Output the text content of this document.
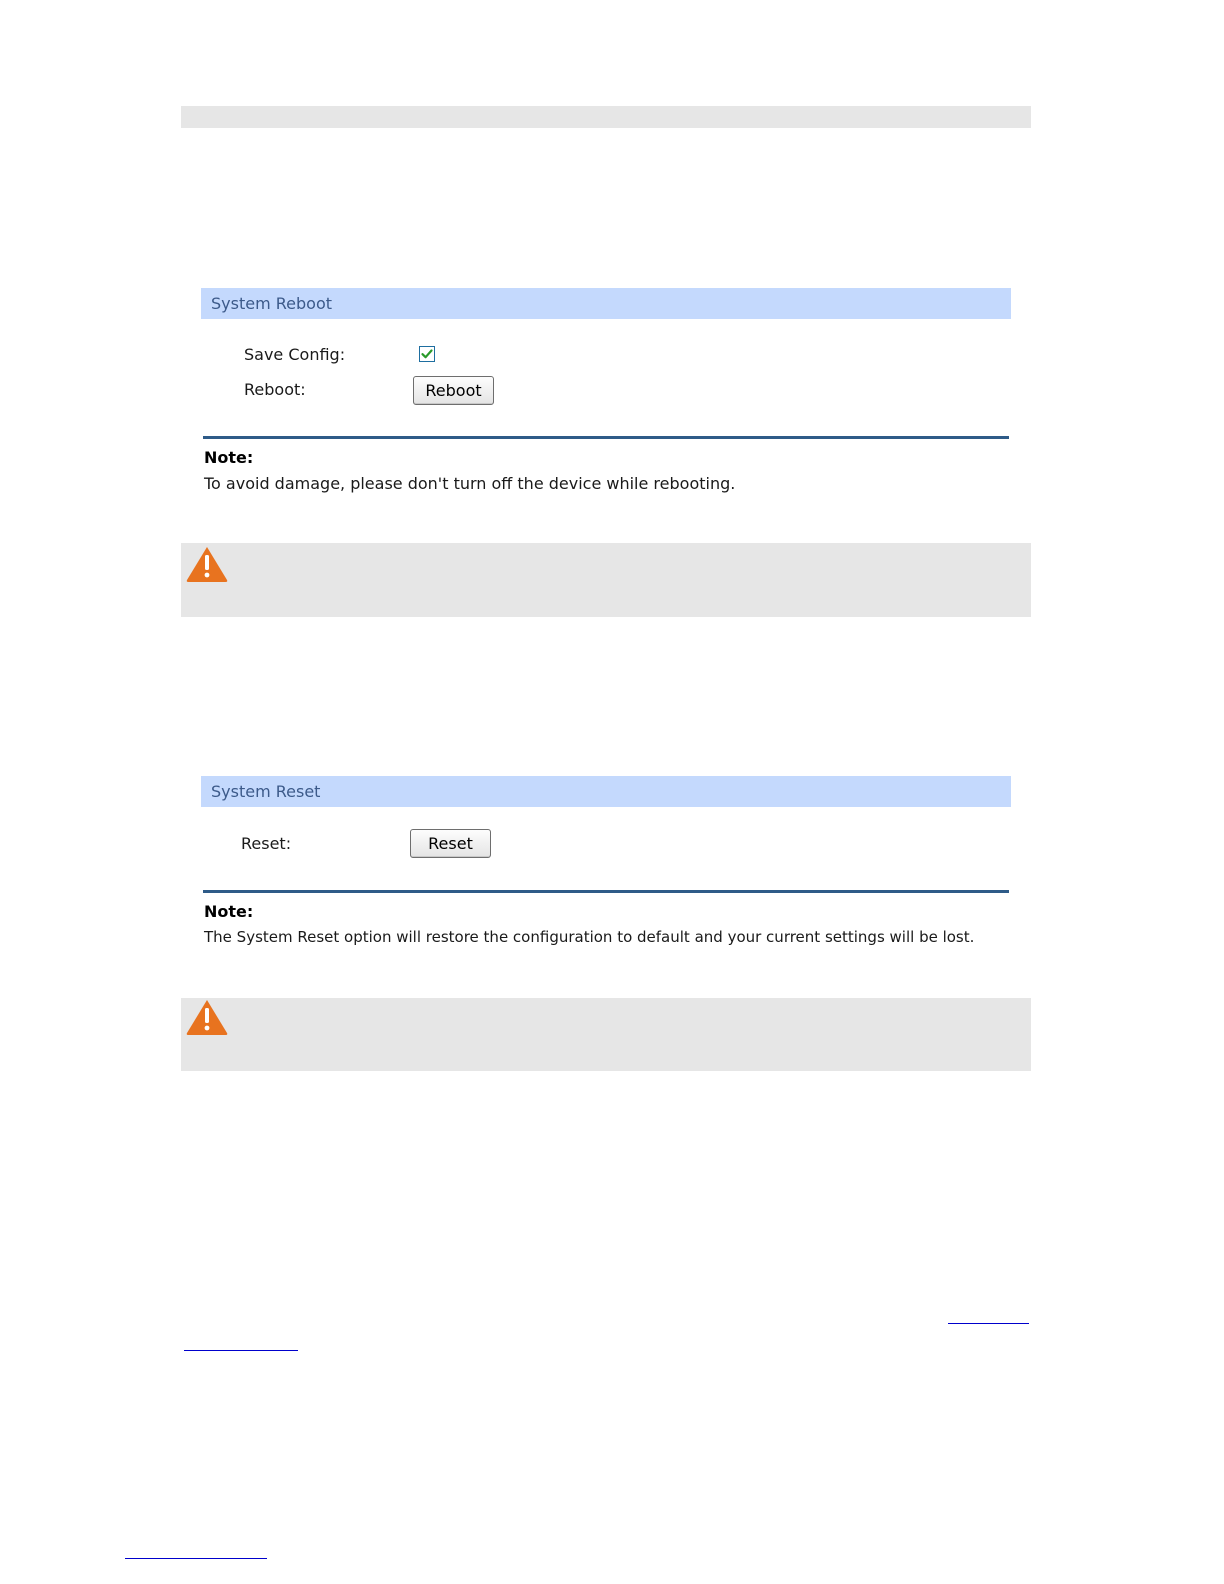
System Reboot
Save Config:
Reboot:	Reboot
Note:
To avoid damage, please don't turn off the device while rebooting.
System Reset
Reset:	Reset
Note:
The System Reset option will restore the configuration to default and your current settings will be lost.
